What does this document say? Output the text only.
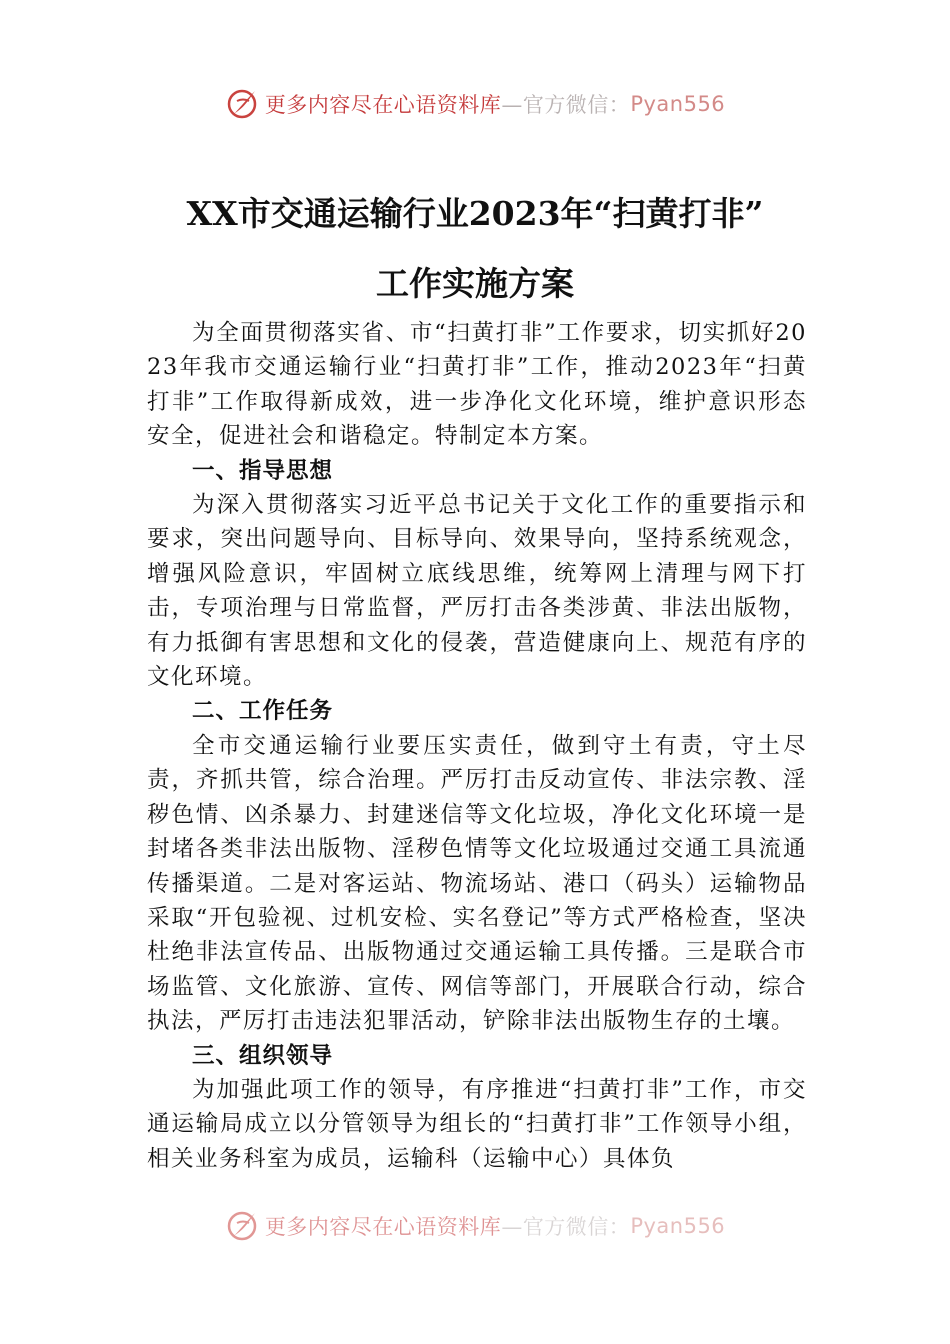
更多内容尽在心语资料库 —官方微信： Pyan556
XX市交通运输行业2023年“扫黄打非”
工作实施方案

为全面贯彻落实省、市“扫黄打非”工作要求，切实抓好2023年我市交通运输行业“扫黄打非”工作，推动2023年“扫黄打非”工作取得新成效，进一步净化文化环境，维护意识形态安全，促进社会和谐稳定。特制定本方案。

一、指导思想

为深入贯彻落实习近平总书记关于文化工作的重要指示和要求，突出问题导向、目标导向、效果导向，坚持系统观念，增强风险意识，牢固树立底线思维，统筹网上清理与网下打击，专项治理与日常监督，严厉打击各类涉黄、非法出版物，有力抵御有害思想和文化的侵袭，营造健康向上、规范有序的文化环境。

二、工作任务

全市交通运输行业要压实责任，做到守土有责，守土尽责，齐抓共管，综合治理。严厉打击反动宣传、非法宗教、淫秽色情、凶杀暴力、封建迷信等文化垃圾，净化文化环境一是封堵各类非法出版物、淫秽色情等文化垃圾通过交通工具流通传播渠道。二是对客运站、物流场站、港口（码头）运输物品采取“开包验视、过机安检、实名登记”等方式严格检查，坚决杜绝非法宣传品、出版物通过交通运输工具传播。三是联合市场监管、文化旅游、宣传、网信等部门，开展联合行动，综合执法，严厉打击违法犯罪活动，铲除非法出版物生存的土壤。

三、组织领导

为加强此项工作的领导，有序推进“扫黄打非”工作，市交通运输局成立以分管领导为组长的“扫黄打非”工作领导小组，相关业务科室为成员，运输科（运输中心）具体负

更多内容尽在心语资料库 —官方微信： Pyan556
